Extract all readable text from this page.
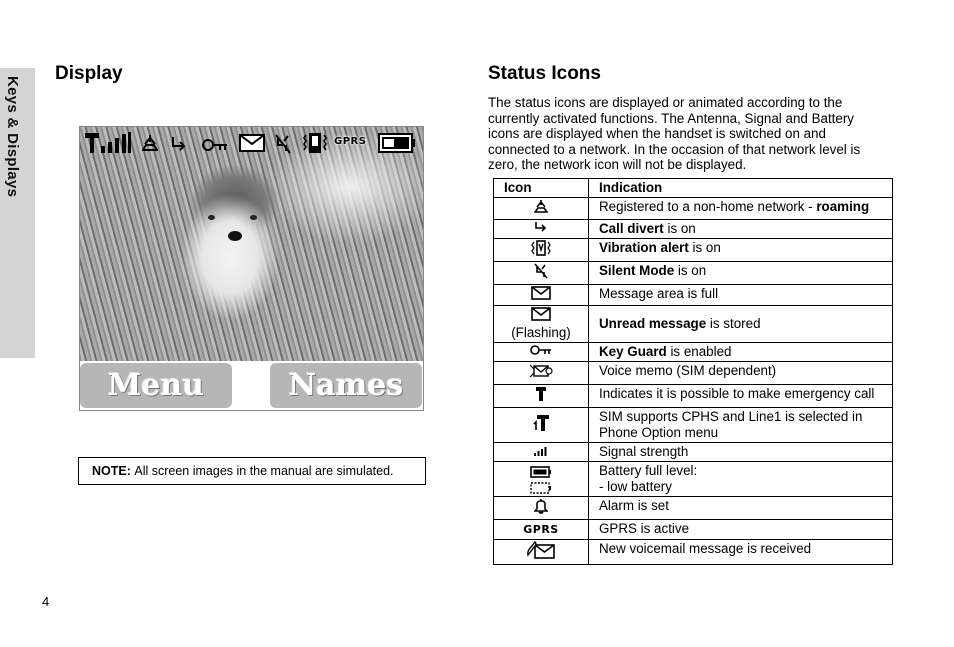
Keys & Displays
Display	Status Icons
GPRS
Menu	Names
NOTE:
All screen images in the manual are simulated.

The status icons are displayed or animated according to the currently activated functions. The Antenna, Signal and Battery icons are displayed when the handset is switched on and connected to a network. In the occasion of that network level is zero, the network icon will not be displayed.

Icon	Indication
	Registered to a non-home network - roaming
	Call divert is on
	Vibration alert is on
	Silent Mode is on
	Message area is full

(Flashing)	Unread message is stored
	Key Guard is enabled
	Voice memo (SIM dependent)
	Indicates it is possible to make emergency call
	SIM supports CPHS and Line1 is selected in Phone Option menu
	Signal strength

	Battery full level:
- low battery
	Alarm is set
GPRS	GPRS is active
	New voicemail message is received
4
